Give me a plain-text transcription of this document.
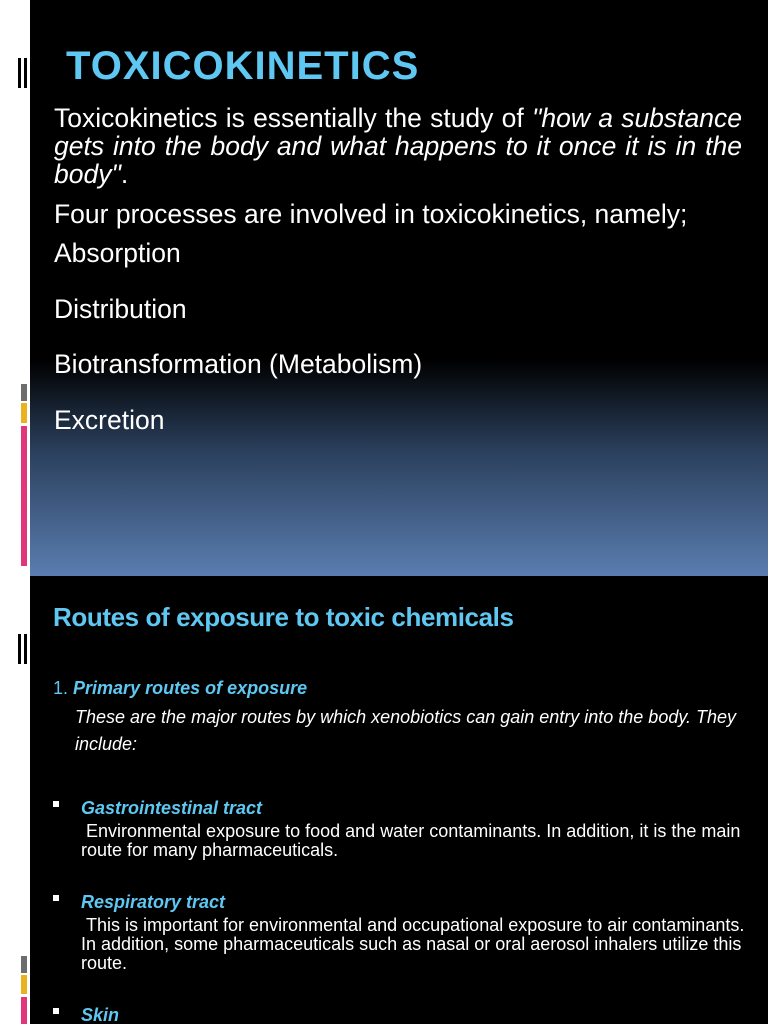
TOXICOKINETICS

Toxicokinetics is essentially the study of "how a substance gets into the body and what happens to it once it is in the body".

Four processes are involved in toxicokinetics, namely;

Absorption

Distribution

Biotransformation (Metabolism)

Excretion

Routes of exposure to toxic chemicals

1. Primary routes of exposure

These are the major routes by which xenobiotics can gain entry into the body. They include:

Gastrointestinal tract

Environmental exposure to food and water contaminants. In addition, it is the main route for many pharmaceuticals.

Respiratory tract

This is important for environmental and occupational exposure to air contaminants. In addition, some pharmaceuticals such as nasal or oral aerosol inhalers utilize this route.

Skin
